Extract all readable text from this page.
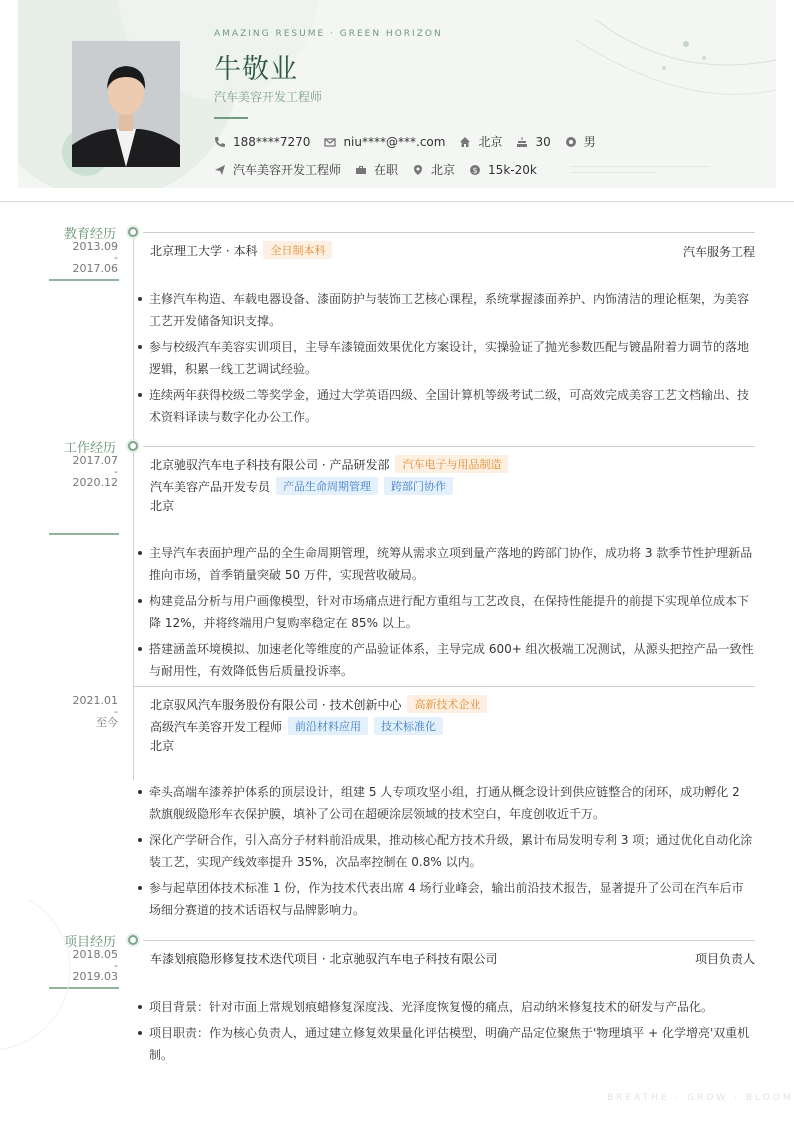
AMAZING RESUME · GREEN HORIZON
牛敬业
汽车美容开发工程师
188****7270	niu****@***.com	北京	30	男
汽车美容开发工程师	在职	北京 $ 15k-20k
教育经历
2013.09
-
2017.06
北京理工大学 · 本科	全日制本科	汽车服务工程
主修汽车构造、车载电器设备、漆面防护与装饰工艺核心课程，系统掌握漆面养护、内饰清洁的理论框架，为美容工艺开发储备知识支撑。
参与校级汽车美容实训项目，主导车漆镜面效果优化方案设计，实操验证了抛光参数匹配与镀晶附着力调节的落地逻辑，积累一线工艺调试经验。
连续两年获得校级二等奖学金，通过大学英语四级、全国计算机等级考试二级，可高效完成美容工艺文档输出、技术资料译读与数字化办公工作。
工作经历
2017.07
-
2020.12
北京驰驭汽车电子科技有限公司 · 产品研发部	汽车电子与用品制造
汽车美容产品开发专员	产品生命周期管理	跨部门协作
北京
主导汽车表面护理产品的全生命周期管理，统筹从需求立项到量产落地的跨部门协作，成功将 3 款季节性护理新品推向市场，首季销量突破 50 万件，实现营收破局。
构建竞品分析与用户画像模型，针对市场痛点进行配方重组与工艺改良，在保持性能提升的前提下实现单位成本下降 12%，并将终端用户复购率稳定在 85% 以上。
搭建涵盖环境模拟、加速老化等维度的产品验证体系，主导完成 600+ 组次极端工况测试，从源头把控产品一致性与耐用性，有效降低售后质量投诉率。
2021.01
-
至今
北京驭风汽车服务股份有限公司 · 技术创新中心	高新技术企业
高级汽车美容开发工程师	前沿材料应用	技术标准化
北京
牵头高端车漆养护体系的顶层设计，组建 5 人专项攻坚小组，打通从概念设计到供应链整合的闭环，成功孵化 2 款旗舰级隐形车衣保护膜，填补了公司在超硬涂层领域的技术空白，年度创收近千万。
深化产学研合作，引入高分子材料前沿成果，推动核心配方技术升级，累计布局发明专利 3 项；通过优化自动化涂装工艺，实现产线效率提升 35%，次品率控制在 0.8% 以内。
参与起草团体技术标准 1 份，作为技术代表出席 4 场行业峰会，输出前沿技术报告，显著提升了公司在汽车后市场细分赛道的技术话语权与品牌影响力。
项目经历
2018.05
-
2019.03
车漆划痕隐形修复技术迭代项目 · 北京驰驭汽车电子科技有限公司	项目负责人
项目背景：针对市面上常规划痕蜡修复深度浅、光泽度恢复慢的痛点，启动纳米修复技术的研发与产品化。
项目职责：作为核心负责人，通过建立修复效果量化评估模型，明确产品定位聚焦于'物理填平 + 化学增亮'双重机制。
BREATHE · GROW · BLOOM
